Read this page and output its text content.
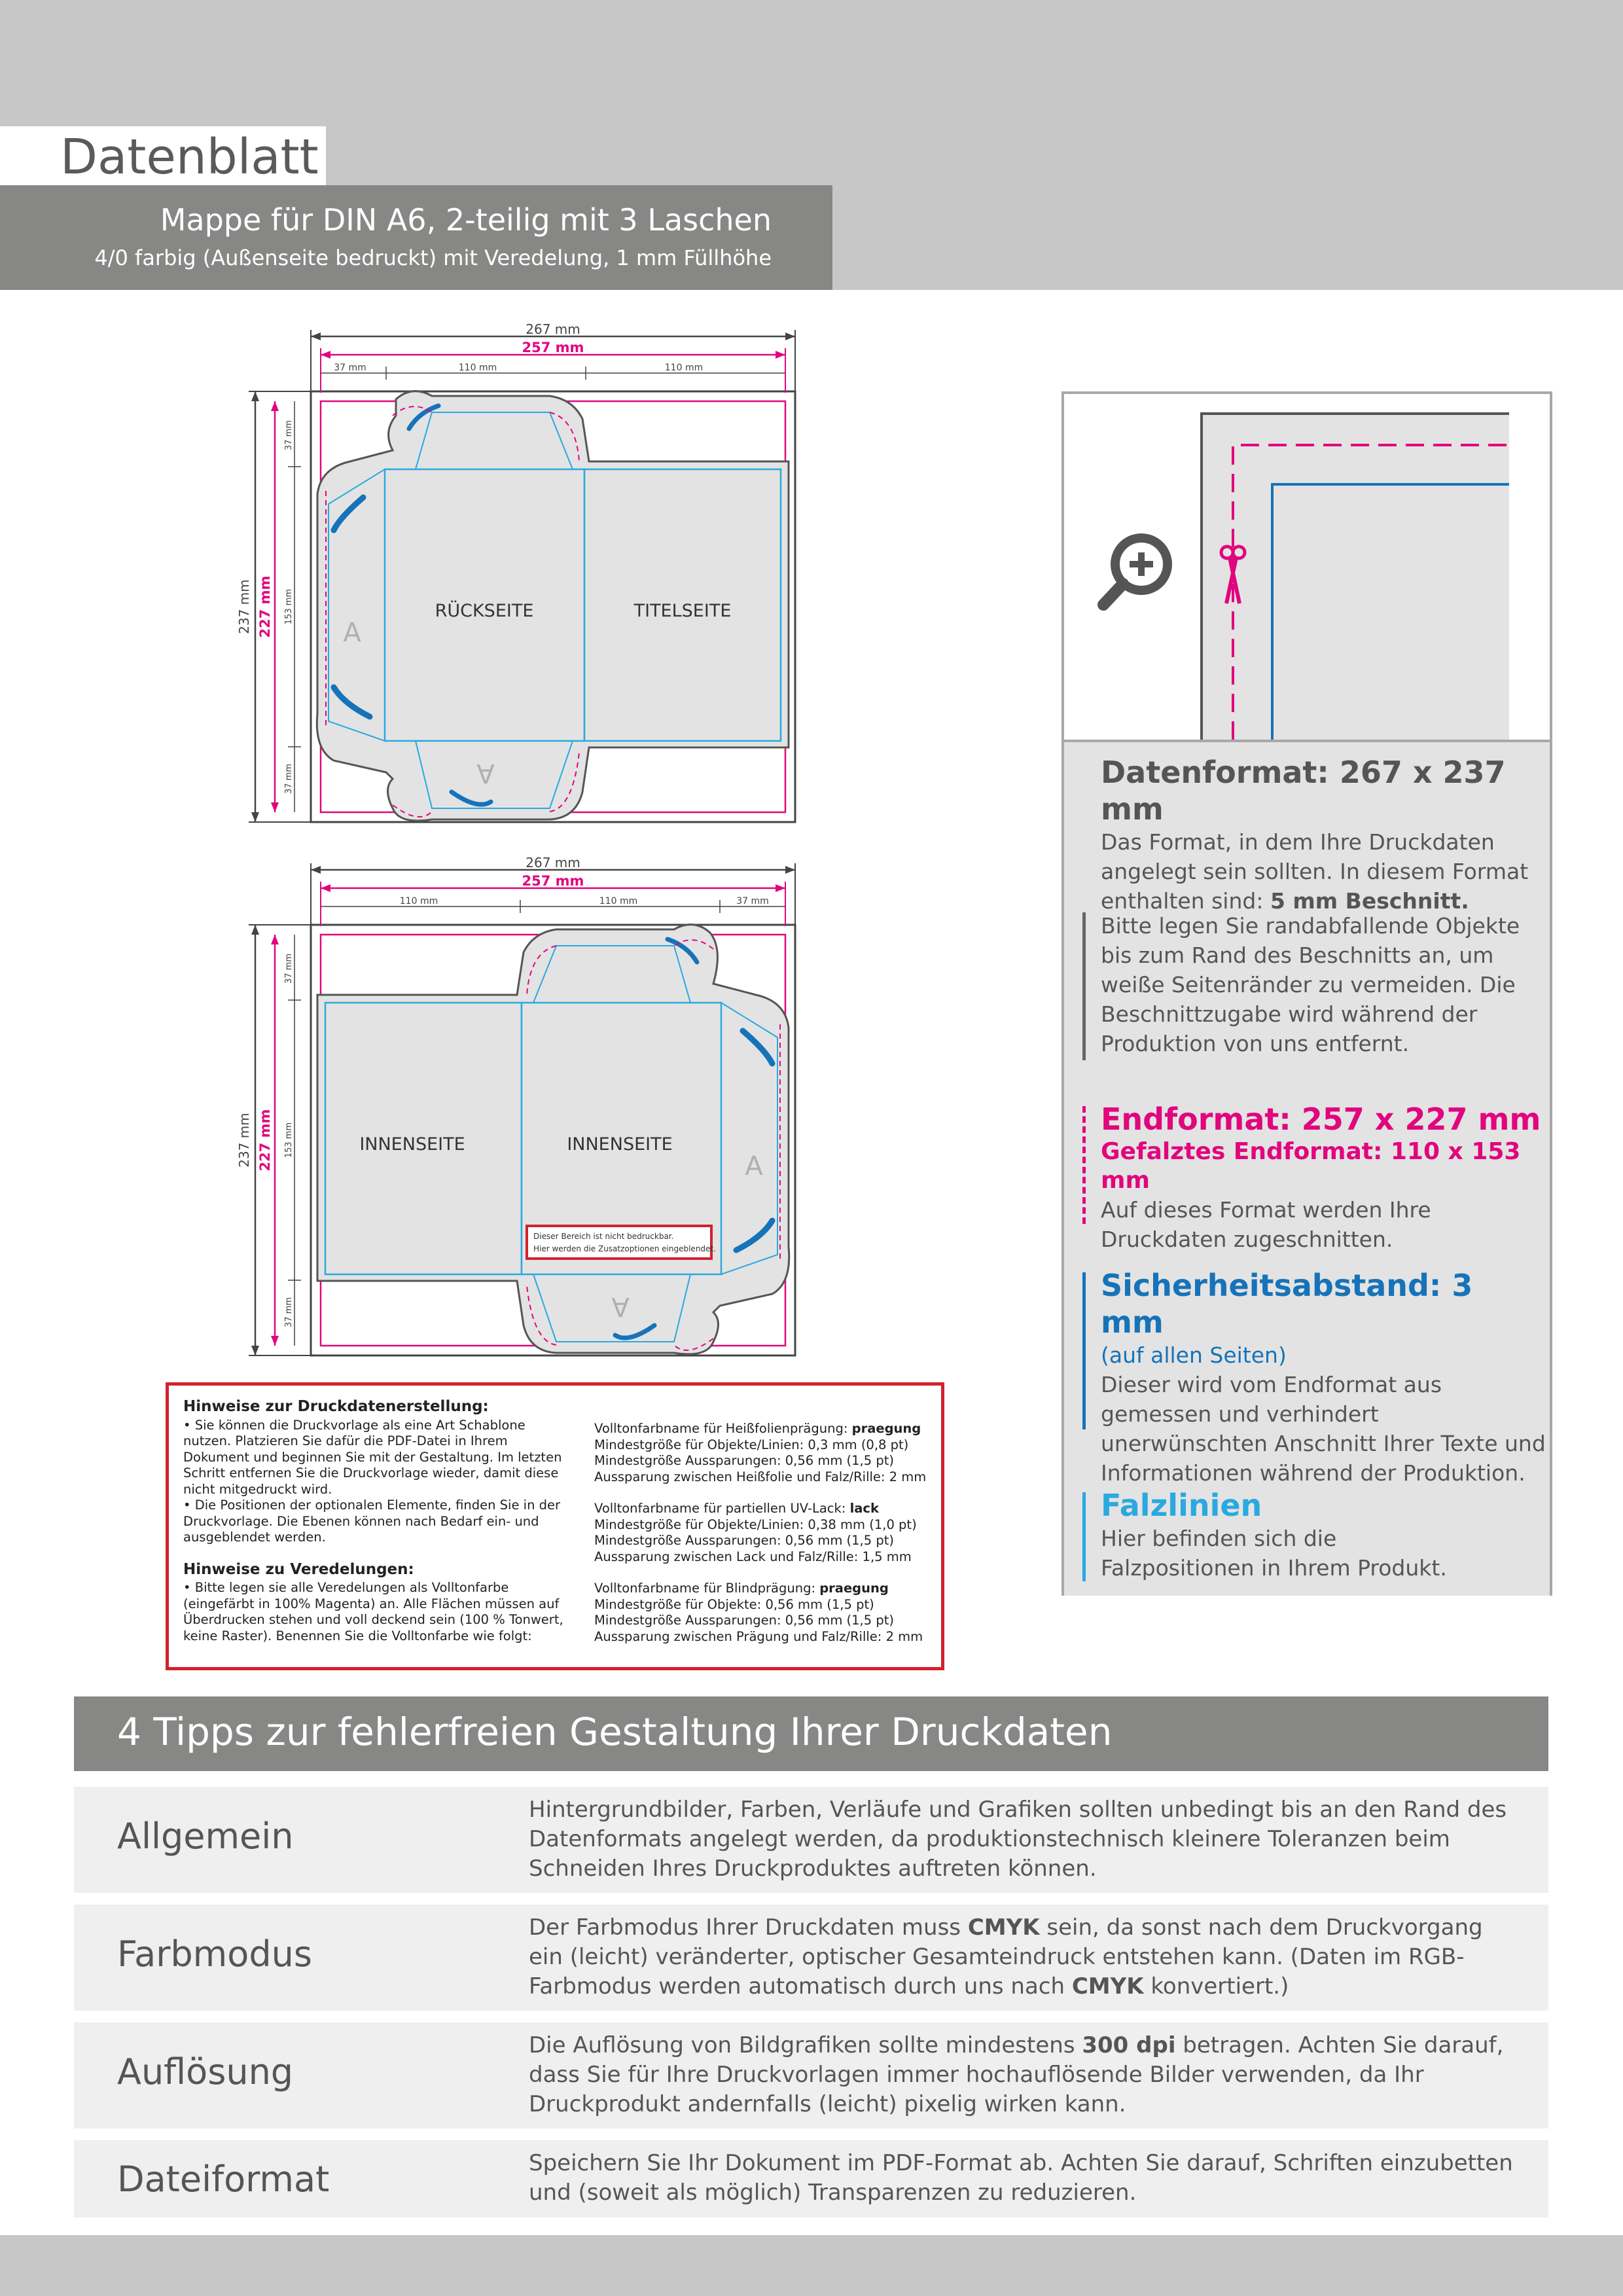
Datenblatt
Mappe für DIN A6, 2-teilig mit 3 Laschen
4/0 farbig (Außenseite bedruckt) mit Veredelung, 1 mm Füllhöhe
267 mm
257 mm
37 mm	110 mm	110 mm
237 mm 227 mm
37 mm
153 mm
37 mm
RÜCKSEITE	TITELSEITE
A
A
267 mm
257 mm
110 mm	110 mm	37 mm
237 mm 227 mm
37 mm
153 mm
37 mm
INNENSEITE	INNENSEITE
A
A
Dieser Bereich ist nicht bedruckbar.
Hier werden die Zusatzoptionen eingeblendet.
Hinweise zur Druckdatenerstellung:

• Sie können die Druckvorlage als eine Art Schablone nutzen. Platzieren Sie dafür die PDF-Datei in Ihrem Dokument und beginnen Sie mit der Gestaltung. Im letzten Schritt entfernen Sie die Druckvorlage wieder, damit diese nicht mitgedruckt wird.

• Die Positionen der optionalen Elemente, finden Sie in der Druckvorlage. Die Ebenen können nach Bedarf ein- und ausgeblendet werden.

Hinweise zu Veredelungen:

• Bitte legen sie alle Veredelungen als Volltonfarbe (eingefärbt in 100% Magenta) an. Alle Flächen müssen auf Überdrucken stehen und voll deckend sein (100 % Tonwert, keine Raster). Benennen Sie die Volltonfarbe wie folgt:

Volltonfarbname für Heißfolienprägung: praegung

Mindestgröße für Objekte/Linien: 0,3 mm (0,8 pt)

Mindestgröße Aussparungen: 0,56 mm (1,5 pt)

Aussparung zwischen Heißfolie und Falz/Rille: 2 mm

Volltonfarbname für partiellen UV-Lack: lack

Mindestgröße für Objekte/Linien: 0,38 mm (1,0 pt)

Mindestgröße Aussparungen: 0,56 mm (1,5 pt)

Aussparung zwischen Lack und Falz/Rille: 1,5 mm

Volltonfarbname für Blindprägung: praegung

Mindestgröße für Objekte: 0,56 mm (1,5 pt)

Mindestgröße Aussparungen: 0,56 mm (1,5 pt)

Aussparung zwischen Prägung und Falz/Rille: 2 mm

Datenformat: 267 x 237 mm
Das Format, in dem Ihre Druckdaten angelegt sein sollten. In diesem Format enthalten sind: 5 mm Beschnitt.
Bitte legen Sie randabfallende Objekte bis zum Rand des Beschnitts an, um weiße Seitenränder zu vermeiden. Die Beschnittzugabe wird während der Produktion von uns entfernt.
Endformat: 257 x 227 mm
Gefalztes Endformat: 110 x 153 mm
Auf dieses Format werden Ihre Druckdaten zugeschnitten.
Sicherheitsabstand: 3 mm
(auf allen Seiten)
Dieser wird vom Endformat aus gemessen und verhindert unerwünschten Anschnitt Ihrer Texte und Informationen während der Produktion.
Falzlinien
Hier befinden sich die Falzpositionen in Ihrem Produkt.
4 Tipps zur fehlerfreien Gestaltung Ihrer Druckdaten
Allgemein
Hintergrundbilder, Farben, Verläufe und Grafiken sollten unbedingt bis an den Rand des Datenformats angelegt werden, da produktionstechnisch kleinere Toleranzen beim Schneiden Ihres Druckproduktes auftreten können.
Farbmodus
Der Farbmodus Ihrer Druckdaten muss CMYK sein, da sonst nach dem Druckvorgang ein (leicht) veränderter, optischer Gesamteindruck entstehen kann. (Daten im RGB-Farbmodus werden automatisch durch uns nach CMYK konvertiert.)
Auflösung
Die Auflösung von Bildgrafiken sollte mindestens 300 dpi betragen. Achten Sie darauf, dass Sie für Ihre Druckvorlagen immer hochauflösende Bilder verwenden, da Ihr Druckprodukt andernfalls (leicht) pixelig wirken kann.
Dateiformat	Speichern Sie Ihr Dokument im PDF-Format ab. Achten Sie darauf, Schriften einzubetten und (soweit als möglich) Transparenzen zu reduzieren.
